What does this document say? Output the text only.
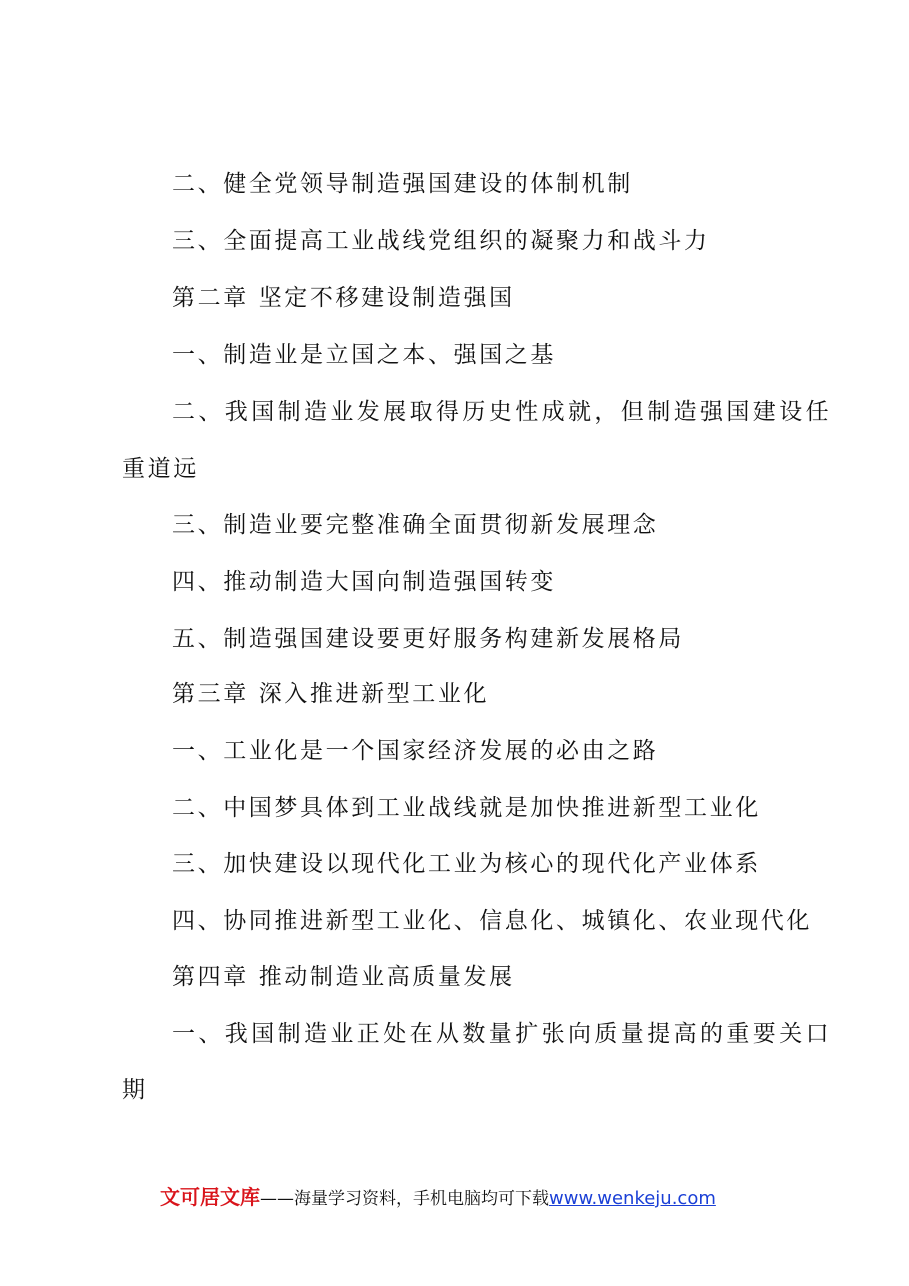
二、健全党领导制造强国建设的体制机制
三、全面提高工业战线党组织的凝聚力和战斗力
第二章 坚定不移建设制造强国
一、制造业是立国之本、强国之基
二、我国制造业发展取得历史性成就，但制造强国建设任
重道远
三、制造业要完整准确全面贯彻新发展理念
四、推动制造大国向制造强国转变
五、制造强国建设要更好服务构建新发展格局
第三章 深入推进新型工业化
一、工业化是一个国家经济发展的必由之路
二、中国梦具体到工业战线就是加快推进新型工业化
三、加快建设以现代化工业为核心的现代化产业体系
四、协同推进新型工业化、信息化、城镇化、农业现代化
第四章 推动制造业高质量发展
一、我国制造业正处在从数量扩张向质量提高的重要关口
期
文可居文库——海量学习资料，手机电脑均可下载www.wenkeju.com
